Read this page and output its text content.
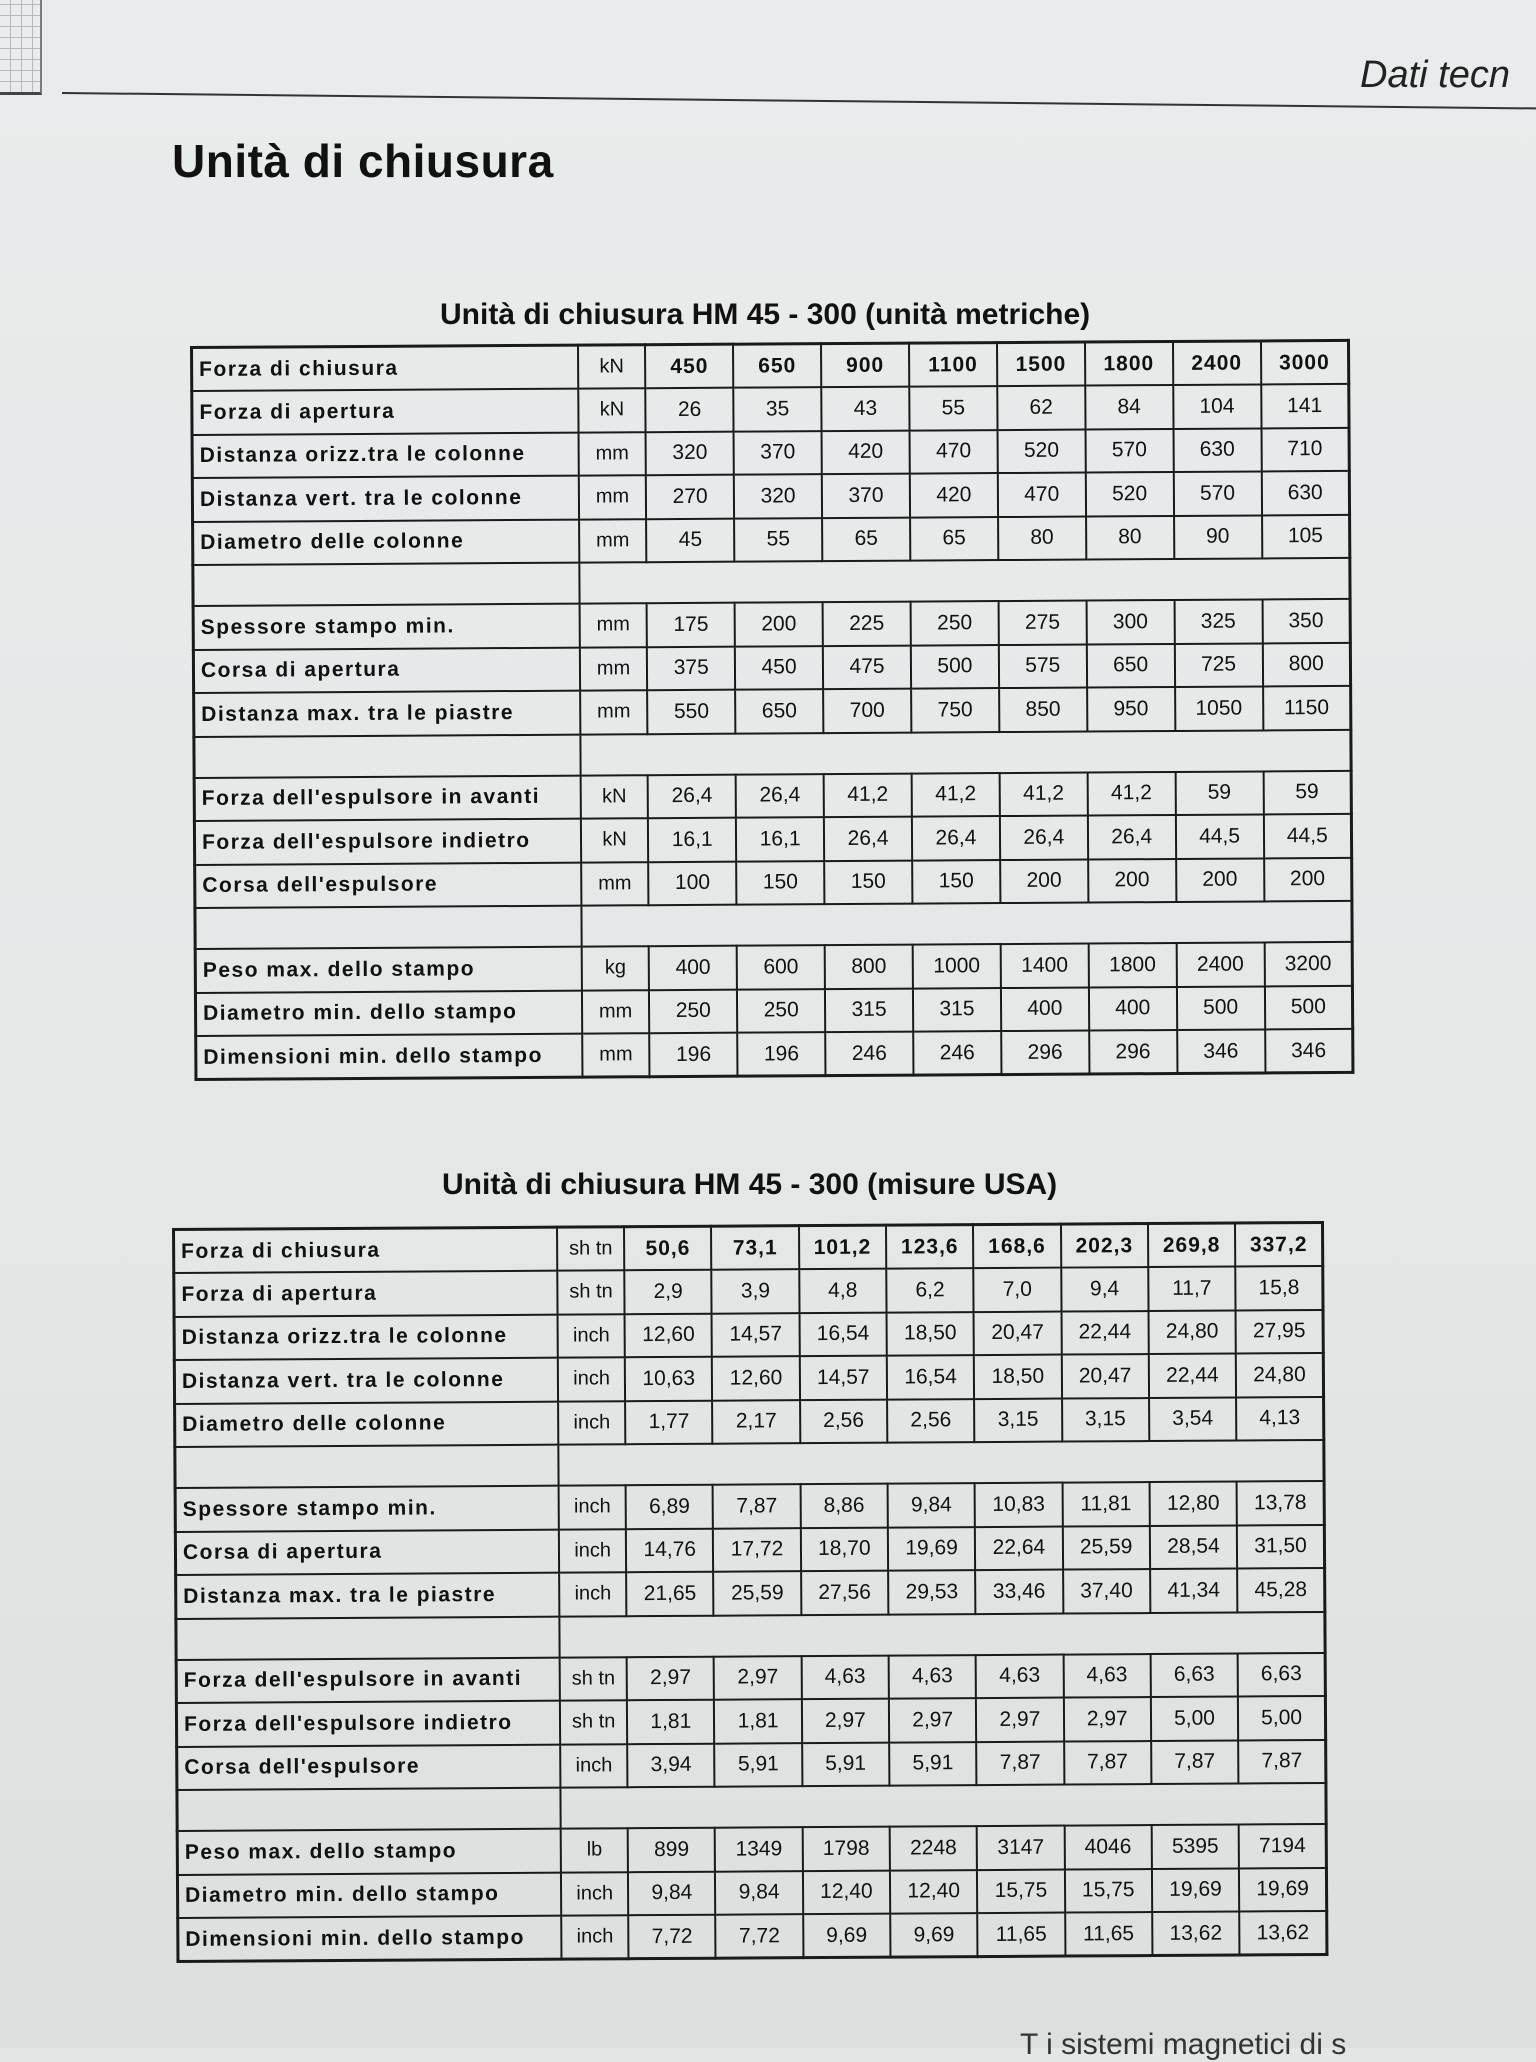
Dati tecn
Unità di chiusura
Unità di chiusura HM 45 - 300 (unità metriche)
Forza di chiusura	kN	450	650	900	1100	1500	1800	2400	3000
Forza di apertura	kN	26	35	43	55	62	84	104	141
Distanza orizz.tra le colonne	mm	320	370	420	470	520	570	630	710
Distanza vert. tra le colonne	mm	270	320	370	420	470	520	570	630
Diametro delle colonne	mm	45	55	65	65	80	80	90	105

Spessore stampo min.	mm	175	200	225	250	275	300	325	350
Corsa di apertura	mm	375	450	475	500	575	650	725	800
Distanza max. tra le piastre	mm	550	650	700	750	850	950	1050	1150

Forza dell'espulsore in avanti	kN	26,4	26,4	41,2	41,2	41,2	41,2	59	59
Forza dell'espulsore indietro	kN	16,1	16,1	26,4	26,4	26,4	26,4	44,5	44,5
Corsa dell'espulsore	mm	100	150	150	150	200	200	200	200

Peso max. dello stampo	kg	400	600	800	1000	1400	1800	2400	3200
Diametro min. dello stampo	mm	250	250	315	315	400	400	500	500
Dimensioni min. dello stampo	mm	196	196	246	246	296	296	346	346
Unità di chiusura HM 45 - 300 (misure USA)
Forza di chiusura	sh tn	50,6	73,1	101,2	123,6	168,6	202,3	269,8	337,2
Forza di apertura	sh tn	2,9	3,9	4,8	6,2	7,0	9,4	11,7	15,8
Distanza orizz.tra le colonne	inch	12,60	14,57	16,54	18,50	20,47	22,44	24,80	27,95
Distanza vert. tra le colonne	inch	10,63	12,60	14,57	16,54	18,50	20,47	22,44	24,80
Diametro delle colonne	inch	1,77	2,17	2,56	2,56	3,15	3,15	3,54	4,13

Spessore stampo min.	inch	6,89	7,87	8,86	9,84	10,83	11,81	12,80	13,78
Corsa di apertura	inch	14,76	17,72	18,70	19,69	22,64	25,59	28,54	31,50
Distanza max. tra le piastre	inch	21,65	25,59	27,56	29,53	33,46	37,40	41,34	45,28

Forza dell'espulsore in avanti	sh tn	2,97	2,97	4,63	4,63	4,63	4,63	6,63	6,63
Forza dell'espulsore indietro	sh tn	1,81	1,81	2,97	2,97	2,97	2,97	5,00	5,00
Corsa dell'espulsore	inch	3,94	5,91	5,91	5,91	7,87	7,87	7,87	7,87

Peso max. dello stampo	lb	899	1349	1798	2248	3147	4046	5395	7194
Diametro min. dello stampo	inch	9,84	9,84	12,40	12,40	15,75	15,75	19,69	19,69
Dimensioni min. dello stampo	inch	7,72	7,72	9,69	9,69	11,65	11,65	13,62	13,62
T i sistemi magnetici di s
